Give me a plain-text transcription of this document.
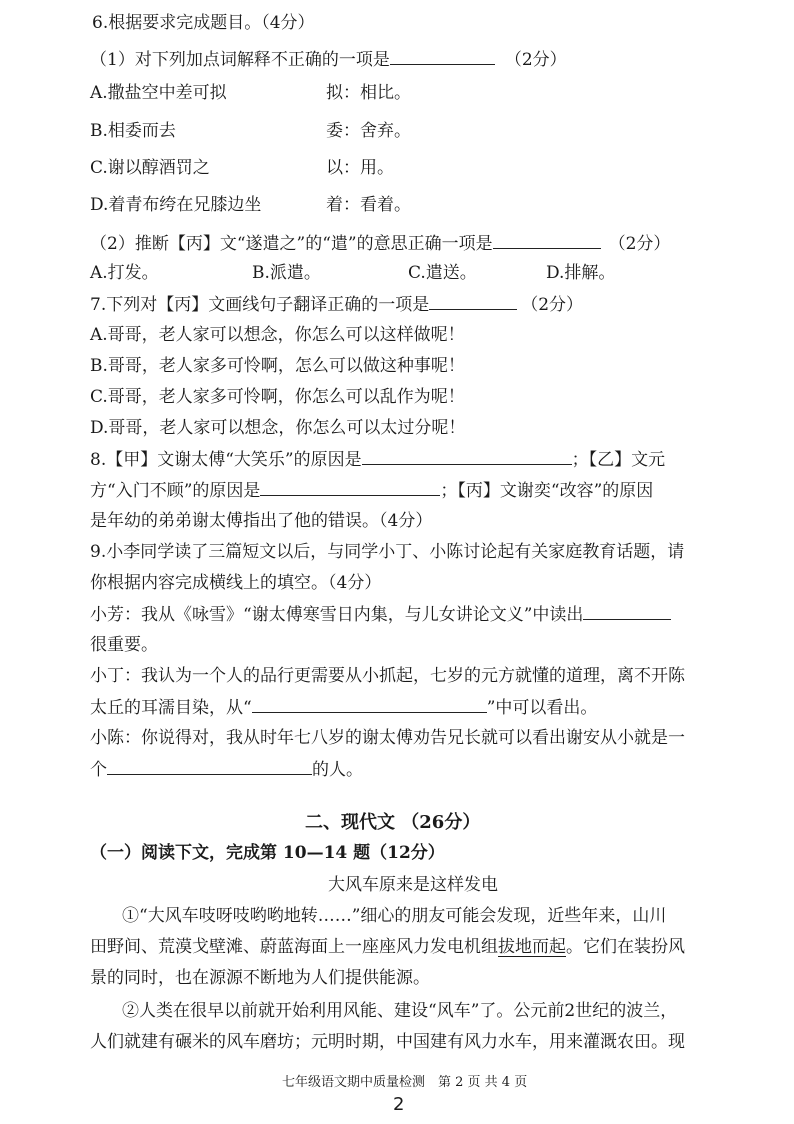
6.根据要求完成题目。（4分）
（1）对下列加点词解释不正确的一项是	（2分）
A.撒盐空中差可拟	拟：相比。
B.相委而去	委：舍弃。
C.谢以醇酒罚之	以：用。
D.着青布绔在兄膝边坐	着：看着。
（2）推断【丙】文“遂遣之”的“遣”的意思正确一项是	（2分）
A.打发。	B.派遣。	C.遣送。	D.排解。
7.下列对【丙】文画线句子翻译正确的一项是	（2分）
A.哥哥，老人家可以想念，你怎么可以这样做呢！
B.哥哥，老人家多可怜啊，怎么可以做这种事呢！
C.哥哥，老人家多可怜啊，你怎么可以乱作为呢！
D.哥哥，老人家可以想念，你怎么可以太过分呢！
8.【甲】文谢太傅“大笑乐”的原因是	；【乙】文元
方“入门不顾”的原因是	；【丙】文谢奕“改容”的原因
是年幼的弟弟谢太傅指出了他的错误。（4分）
9.小李同学读了三篇短文以后，与同学小丁、小陈讨论起有关家庭教育话题，请
你根据内容完成横线上的填空。（4分）
小芳：我从《咏雪》“谢太傅寒雪日内集，与儿女讲论文义”中读出
很重要。
小丁：我认为一个人的品行更需要从小抓起，七岁的元方就懂的道理，离不开陈
太丘的耳濡目染，从“	”中可以看出。
小陈：你说得对，我从时年七八岁的谢太傅劝告兄长就可以看出谢安从小就是一
个	的人。
二、现代文 （26分）
（一）阅读下文，完成第 10—14 题（12分）
大风车原来是这样发电
①“大风车吱呀吱哟哟地转……”细心的朋友可能会发现，近些年来，山川
田野间、荒漠戈壁滩、蔚蓝海面上一座座风力发电机组拔地而起。它们在装扮风
景的同时，也在源源不断地为人们提供能源。
②人类在很早以前就开始利用风能、建设“风车”了。公元前2世纪的波兰，
人们就建有碾米的风车磨坊；元明时期，中国建有风力水车，用来灌溉农田。现
七年级语文期中质量检测　第 2 页 共 4 页
2
